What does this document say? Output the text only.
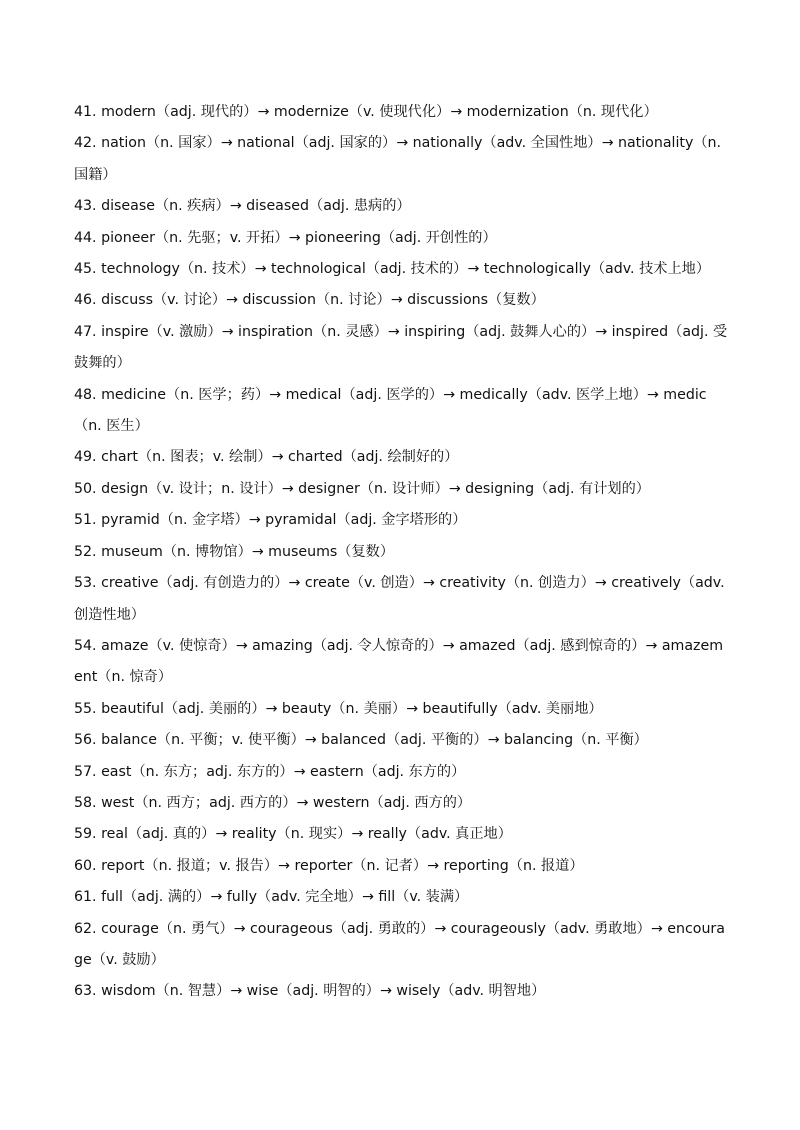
41. modern（adj. 现代的）→ modernize（v. 使现代化）→ modernization（n. 现代化）

42. nation（n. 国家）→ national（adj. 国家的）→ nationally（adv. 全国性地）→ nationality（n. 国籍）

43. disease（n. 疾病）→ diseased（adj. 患病的）

44. pioneer（n. 先驱；v. 开拓）→ pioneering（adj. 开创性的）

45. technology（n. 技术）→ technological（adj. 技术的）→ technologically（adv. 技术上地）

46. discuss（v. 讨论）→ discussion（n. 讨论）→ discussions（复数）

47. inspire（v. 激励）→ inspiration（n. 灵感）→ inspiring（adj. 鼓舞人心的）→ inspired（adj. 受鼓舞的）

48. medicine（n. 医学；药）→ medical（adj. 医学的）→ medically（adv. 医学上地）→ medic（n. 医生）

49. chart（n. 图表；v. 绘制）→ charted（adj. 绘制好的）

50. design（v. 设计；n. 设计）→ designer（n. 设计师）→ designing（adj. 有计划的）

51. pyramid（n. 金字塔）→ pyramidal（adj. 金字塔形的）

52. museum（n. 博物馆）→ museums（复数）

53. creative（adj. 有创造力的）→ create（v. 创造）→ creativity（n. 创造力）→ creatively（adv. 创造性地）

54. amaze（v. 使惊奇）→ amazing（adj. 令人惊奇的）→ amazed（adj. 感到惊奇的）→ amazement（n. 惊奇）

55. beautiful（adj. 美丽的）→ beauty（n. 美丽）→ beautifully（adv. 美丽地）

56. balance（n. 平衡；v. 使平衡）→ balanced（adj. 平衡的）→ balancing（n. 平衡）

57. east（n. 东方；adj. 东方的）→ eastern（adj. 东方的）

58. west（n. 西方；adj. 西方的）→ western（adj. 西方的）

59. real（adj. 真的）→ reality（n. 现实）→ really（adv. 真正地）

60. report（n. 报道；v. 报告）→ reporter（n. 记者）→ reporting（n. 报道）

61. full（adj. 满的）→ fully（adv. 完全地）→ fill（v. 装满）

62. courage（n. 勇气）→ courageous（adj. 勇敢的）→ courageously（adv. 勇敢地）→ encourage（v. 鼓励）

63. wisdom（n. 智慧）→ wise（adj. 明智的）→ wisely（adv. 明智地）
